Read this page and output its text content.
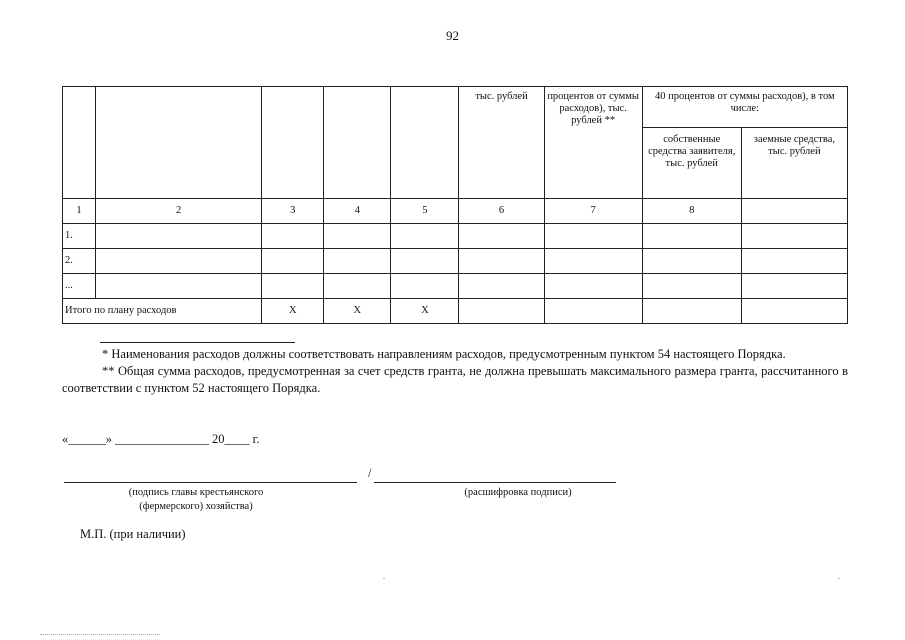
92
					тыс. рублей	процентов от суммы расходов), тыс. рублей **	40 процентов от суммы расходов), в том числе:	
							собственные средства заявителя, тыс. рублей	заемные средства, тыс. рублей
1	2	3	4	5	6	7	8	
1.								
2.								
...								
Итого по плану расходов		Х	Х	Х				

* Наименования расходов должны соответствовать направлениям расходов, предусмотренным пунктом 54 настоящего Порядка.

** Общая сумма расходов, предусмотренная за счет средств гранта, не должна превышать максимального размера гранта, рассчитанного в соответствии с пунктом 52 настоящего Порядка.

«______» _______________ 20____ г.
/
(подпись главы крестьянского
(фермерского) хозяйства)
(расшифровка подписи)
М.П. (при наличии)
